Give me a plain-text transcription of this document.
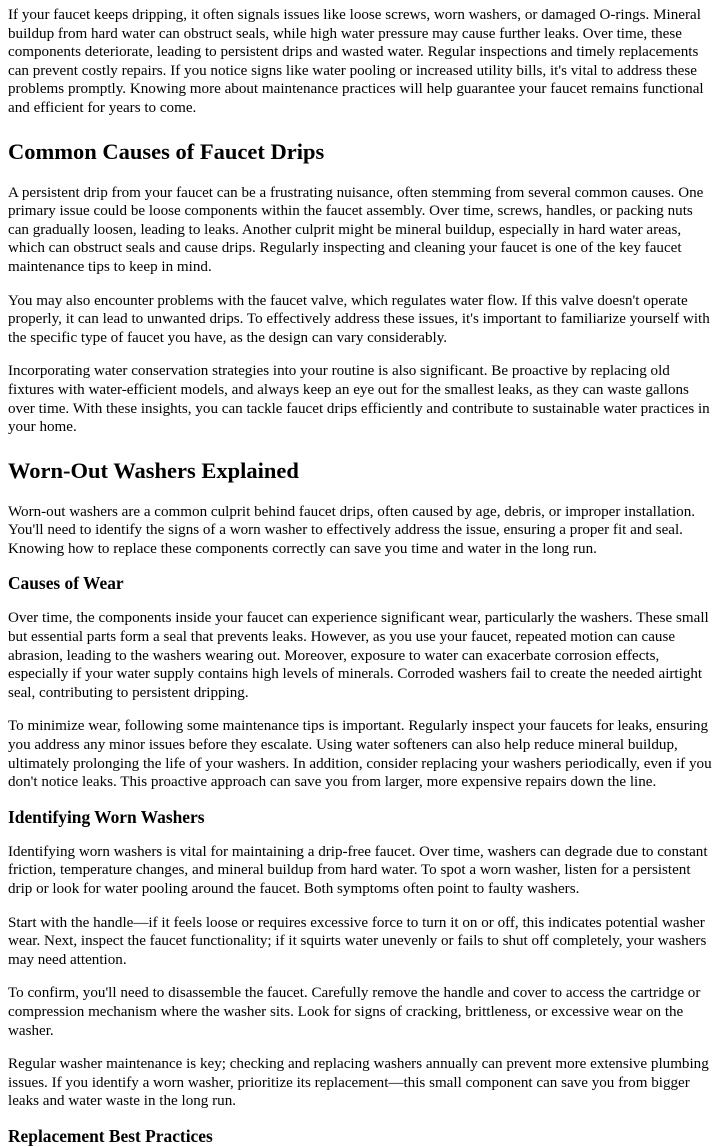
If your faucet keeps dripping, it often signals issues like loose screws, worn washers, or damaged O-rings. Mineral buildup from hard water can obstruct seals, while high water pressure may cause further leaks. Over time, these components deteriorate, leading to persistent drips and wasted water. Regular inspections and timely replacements can prevent costly repairs. If you notice signs like water pooling or increased utility bills, it's vital to address these problems promptly. Knowing more about maintenance practices will help guarantee your faucet remains functional and efficient for years to come.

Common Causes of Faucet Drips

A persistent drip from your faucet can be a frustrating nuisance, often stemming from several common causes. One primary issue could be loose components within the faucet assembly. Over time, screws, handles, or packing nuts can gradually loosen, leading to leaks. Another culprit might be mineral buildup, especially in hard water areas, which can obstruct seals and cause drips. Regularly inspecting and cleaning your faucet is one of the key faucet maintenance tips to keep in mind.

You may also encounter problems with the faucet valve, which regulates water flow. If this valve doesn't operate properly, it can lead to unwanted drips. To effectively address these issues, it's important to familiarize yourself with the specific type of faucet you have, as the design can vary considerably.

Incorporating water conservation strategies into your routine is also significant. Be proactive by replacing old fixtures with water-efficient models, and always keep an eye out for the smallest leaks, as they can waste gallons over time. With these insights, you can tackle faucet drips efficiently and contribute to sustainable water practices in your home.

Worn-Out Washers Explained

Worn-out washers are a common culprit behind faucet drips, often caused by age, debris, or improper installation. You'll need to identify the signs of a worn washer to effectively address the issue, ensuring a proper fit and seal. Knowing how to replace these components correctly can save you time and water in the long run.

Causes of Wear

Over time, the components inside your faucet can experience significant wear, particularly the washers. These small but essential parts form a seal that prevents leaks. However, as you use your faucet, repeated motion can cause abrasion, leading to the washers wearing out. Moreover, exposure to water can exacerbate corrosion effects, especially if your water supply contains high levels of minerals. Corroded washers fail to create the needed airtight seal, contributing to persistent dripping.

To minimize wear, following some maintenance tips is important. Regularly inspect your faucets for leaks, ensuring you address any minor issues before they escalate. Using water softeners can also help reduce mineral buildup, ultimately prolonging the life of your washers. In addition, consider replacing your washers periodically, even if you don't notice leaks. This proactive approach can save you from larger, more expensive repairs down the line.

Identifying Worn Washers

Identifying worn washers is vital for maintaining a drip-free faucet. Over time, washers can degrade due to constant friction, temperature changes, and mineral buildup from hard water. To spot a worn washer, listen for a persistent drip or look for water pooling around the faucet. Both symptoms often point to faulty washers.

Start with the handle—if it feels loose or requires excessive force to turn it on or off, this indicates potential washer wear. Next, inspect the faucet functionality; if it squirts water unevenly or fails to shut off completely, your washers may need attention.

To confirm, you'll need to disassemble the faucet. Carefully remove the handle and cover to access the cartridge or compression mechanism where the washer sits. Look for signs of cracking, brittleness, or excessive wear on the washer.

Regular washer maintenance is key; checking and replacing washers annually can prevent more extensive plumbing issues. If you identify a worn washer, prioritize its replacement—this small component can save you from bigger leaks and water waste in the long run.

Replacement Best Practices
